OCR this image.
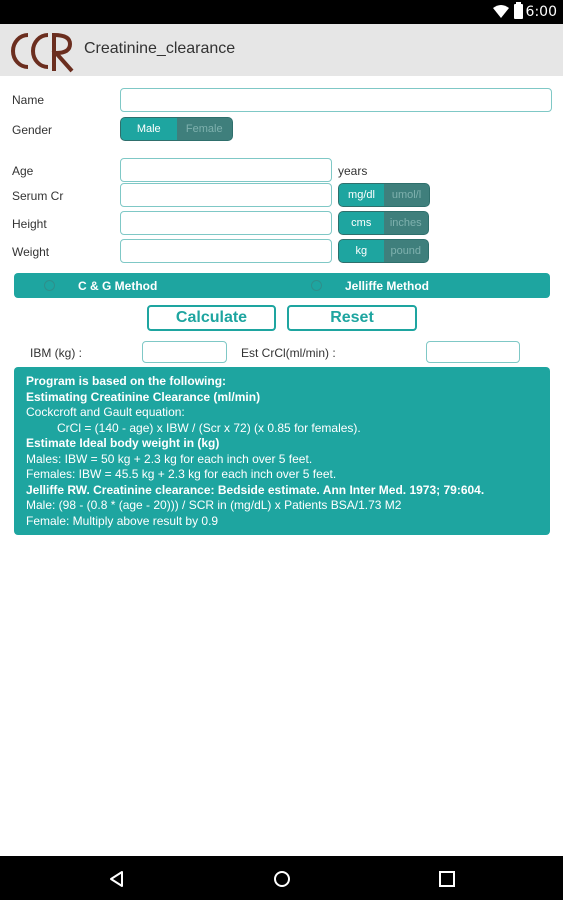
6:00
Creatinine_clearance
Name
Gender	Male	Female
Age	years
Serum Cr	mg/dl	umol/l
Height	cms	inches
Weight	kg	pound
C & G Method	Jelliffe Method
Calculate	Reset
IBM (kg) :	Est CrCl(ml/min) :
Program is based on the following:
Estimating Creatinine Clearance (ml/min)
Cockcroft and Gault equation:
CrCl = (140 - age) x IBW / (Scr x 72) (x 0.85 for females).
Estimate Ideal body weight in (kg)
Males: IBW = 50 kg + 2.3 kg for each inch over 5 feet.
Females: IBW = 45.5 kg + 2.3 kg for each inch over 5 feet.
Jelliffe RW. Creatinine clearance: Bedside estimate. Ann Inter Med. 1973; 79:604.
Male: (98 - (0.8 * (age - 20))) / SCR in (mg/dL) x Patients BSA/1.73 M2
Female: Multiply above result by 0.9
